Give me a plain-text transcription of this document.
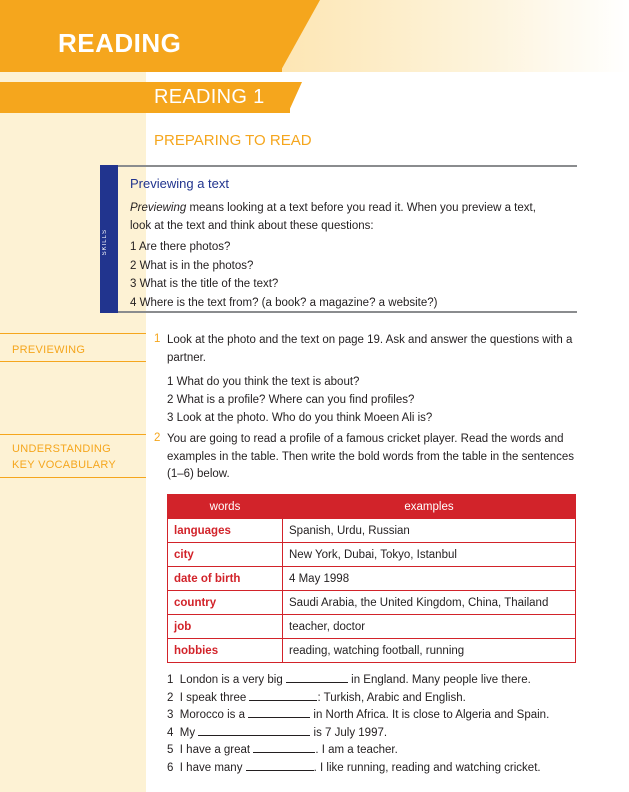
READING
READING 1
PREPARING TO READ
SKILLS
Previewing a text
Previewing means looking at a text before you read it. When you preview a text, look at the text and think about these questions:
1 Are there photos?
2 What is in the photos?
3 What is the title of the text?
4 Where is the text from? (a book? a magazine? a website?)
PREVIEWING
1 Look at the photo and the text on page 19. Ask and answer the questions with a partner.
1 What do you think the text is about?
2 What is a profile? Where can you find profiles?
3 Look at the photo. Who do you think Moeen Ali is?
UNDERSTANDING
KEY VOCABULARY
2 You are going to read a profile of a famous cricket player. Read the words and examples in the table. Then write the bold words from the table in the sentences (1–6) below.
words	examples
languages	Spanish, Urdu, Russian
city	New York, Dubai, Tokyo, Istanbul
date of birth	4 May 1998
country	Saudi Arabia, the United Kingdom, China, Thailand
job	teacher, doctor
hobbies	reading, watching football, running
1 London is a very big	in England. Many people live there.
2 I speak three	: Turkish, Arabic and English.
3 Morocco is a	in North Africa. It is close to Algeria and Spain.
4 My	is 7 July 1997.
5 I have a great	. I am a teacher.
6 I have many	. I like running, reading and watching cricket.
